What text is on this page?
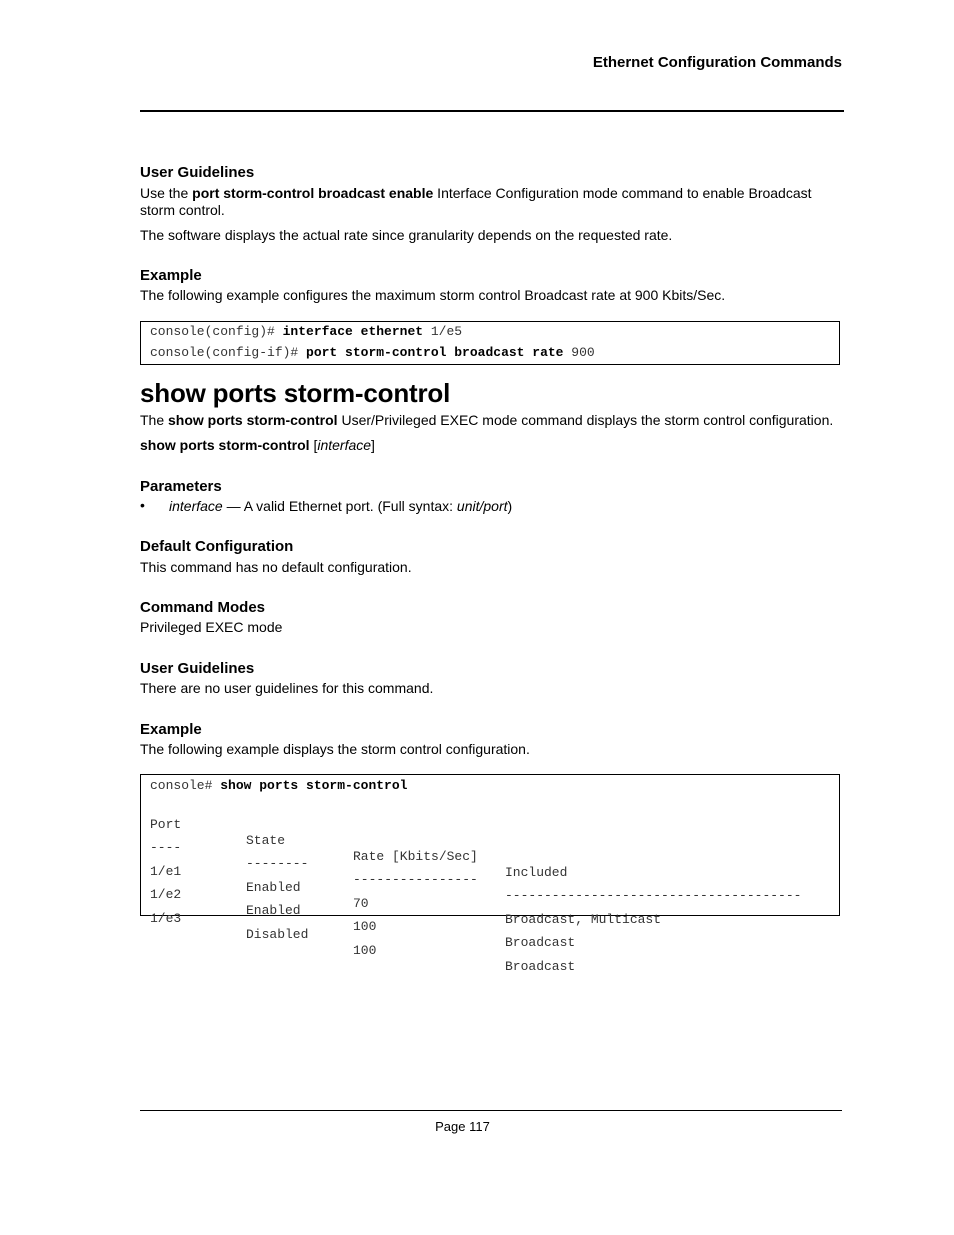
Ethernet Configuration Commands
User Guidelines

Use the port storm-control broadcast enable Interface Configuration mode command to enable Broadcast storm control.

The software displays the actual rate since granularity depends on the requested rate.

Example

The following example configures the maximum storm control Broadcast rate at 900 Kbits/Sec.

console(config)# interface ethernet 1/e5
console(config-if)# port storm-control broadcast rate 900
show ports storm-control

The show ports storm-control User/Privileged EXEC mode command displays the storm control configuration.

show ports storm-control [interface]

Parameters
• interface — A valid Ethernet port. (Full syntax: unit/port)

Default Configuration

This command has no default configuration.

Command Modes

Privileged EXEC mode

User Guidelines

There are no user guidelines for this command.

Example

The following example displays the storm control configuration.

console# show ports storm-control

Port

State

Rate [Kbits/Sec]

Included

----

--------

----------------

--------------------------------------

1/e1

Enabled

70

Broadcast, Multicast

1/e2

Enabled

100

Broadcast

1/e3

Disabled

100

Broadcast

Page 117
